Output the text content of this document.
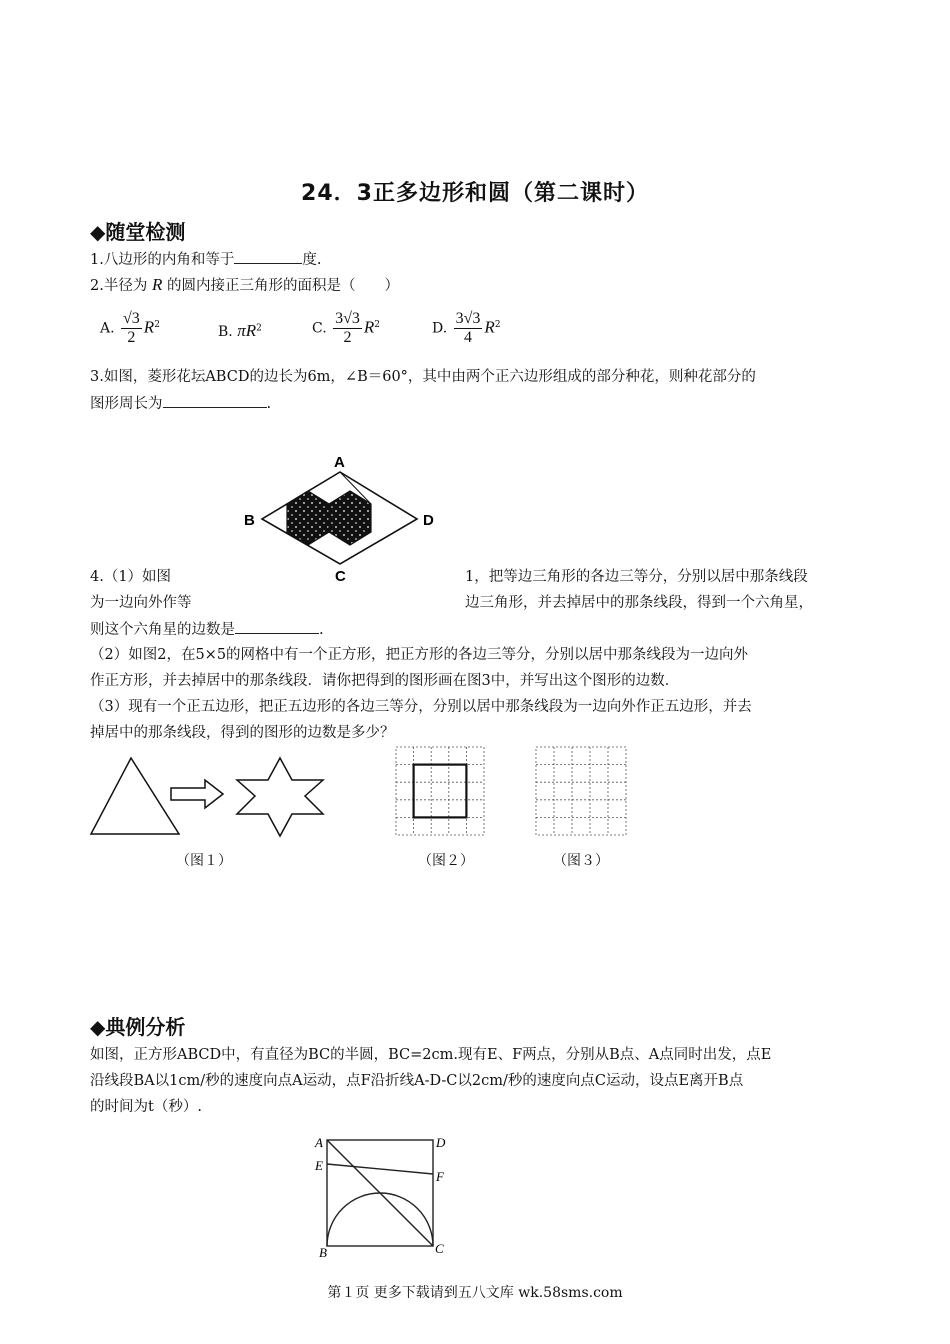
24．3正多边形和圆（第二课时）
◆随堂检测
1.八边形的内角和等于	度.
2.半径为 R 的圆内接正三角形的面积是（　　）
A. $\frac{√3}{2} R^2$	B. $\pi R^2$	C. $\frac{3√3}{2} R^2$	D. $\frac{3√3}{4} R^2$
3.如图，菱形花坛ABCD的边长为6m，∠B＝60°，其中由两个正六边形组成的部分种花，则种花部分的
图形周长为	.
A
B	D
C
4.（1）如图	1，把等边三角形的各边三等分，分别以居中那条线段
为一边向外作等	边三角形，并去掉居中的那条线段，得到一个六角星，
则这个六角星的边数是	.
（2）如图2，在5×5的网格中有一个正方形，把正方形的各边三等分，分别以居中那条线段为一边向外
作正方形，并去掉居中的那条线段．请你把得到的图形画在图3中，并写出这个图形的边数．
（3）现有一个正五边形，把正五边形的各边三等分，分别以居中那条线段为一边向外作正五边形，并去
掉居中的那条线段，得到的图形的边数是多少？
（图１）	（图２）	（图３）
◆典例分析
如图，正方形ABCD中，有直径为BC的半圆，BC=2cm.现有E、F两点，分别从B点、A点同时出发，点E
沿线段BA以1cm/秒的速度向点A运动，点F沿折线A-D-C以2cm/秒的速度向点C运动，设点E离开B点
的时间为t（秒）.
A	D
E
F
B	C
第１页 更多下载请到五八文库 wk.58sms.com
